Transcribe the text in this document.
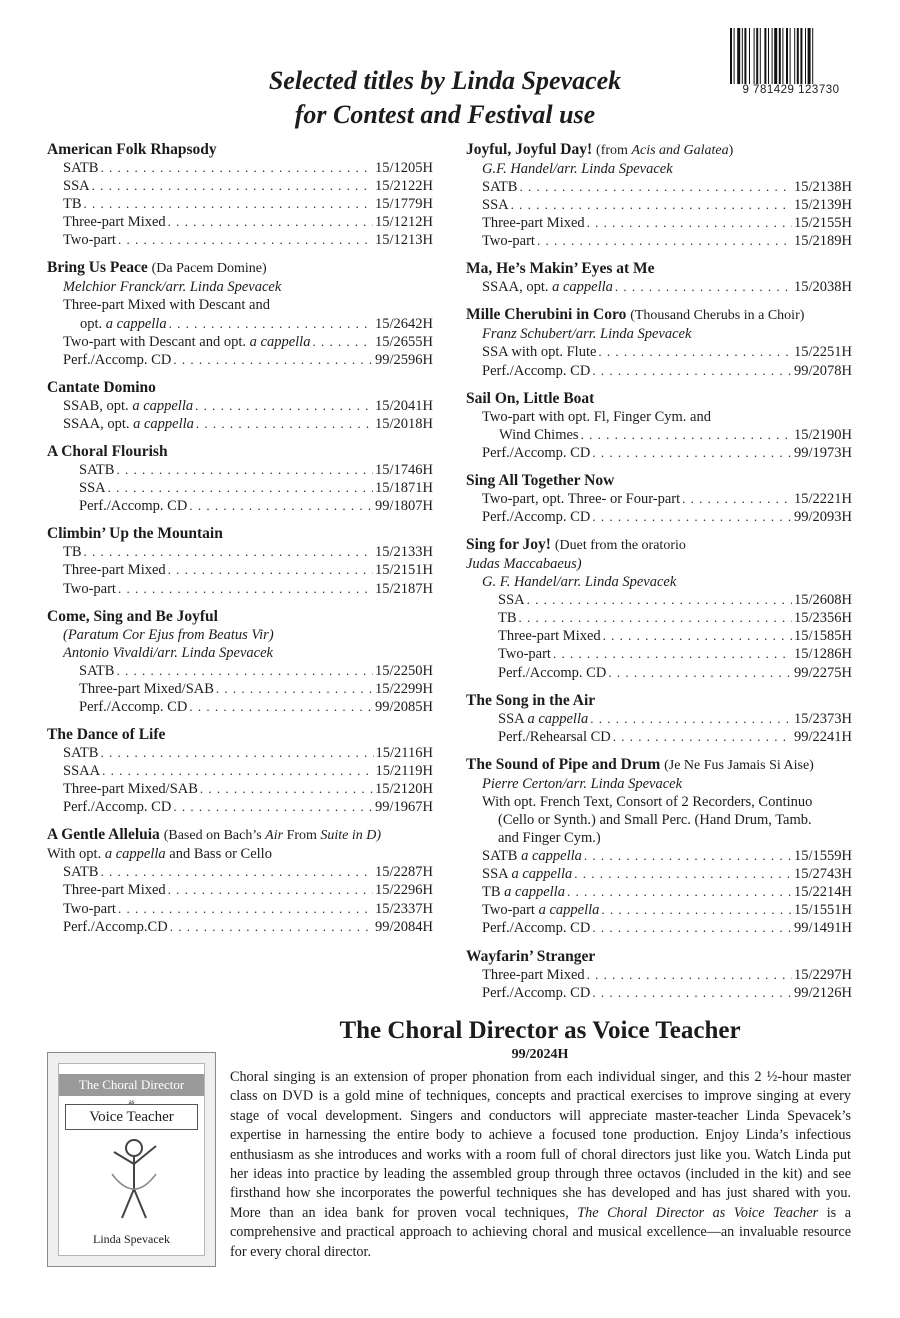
9 781429 123730
Selected titles by Linda Spevacek
for Contest and Festival use
American Folk Rhapsody
SATB . . .	15/1205H
SSA . . .	15/2122H
TB . . .	15/1779H
Three-part Mixed . . .	15/1212H
Two-part . . .	15/1213H
Bring Us Peace (Da Pacem Domine)
Melchior Franck/arr. Linda Spevacek
Three-part Mixed with Descant and
opt. a cappella . . .	15/2642H
Two-part with Descant and opt. a cappella . . .	15/2655H
Perf./Accomp. CD . . .	99/2596H
Cantate Domino
SSAB, opt. a cappella . . .	15/2041H
SSAA, opt. a cappella . . .	15/2018H
A Choral Flourish
SATB . . .	15/1746H
SSA . . .	15/1871H
Perf./Accomp. CD . . .	99/1807H
Climbin’ Up the Mountain
TB . . .	15/2133H
Three-part Mixed . . .	15/2151H
Two-part . . .	15/2187H
Come, Sing and Be Joyful
(Paratum Cor Ejus from Beatus Vir)
Antonio Vivaldi/arr. Linda Spevacek
SATB . . .	15/2250H
Three-part Mixed/SAB . . .	15/2299H
Perf./Accomp. CD . . .	99/2085H
The Dance of Life
SATB . . .	15/2116H
SSAA . . .	15/2119H
Three-part Mixed/SAB . . .	15/2120H
Perf./Accomp. CD . . .	99/1967H
A Gentle Alleluia (Based on Bach’s Air From Suite in D)
With opt. a cappella and Bass or Cello
SATB . . .	15/2287H
Three-part Mixed . . .	15/2296H
Two-part . . .	15/2337H
Perf./Accomp.CD . . .	99/2084H
Joyful, Joyful Day! (from Acis and Galatea)
G.F. Handel/arr. Linda Spevacek
SATB . . .	15/2138H
SSA . . .	15/2139H
Three-part Mixed . . .	15/2155H
Two-part . . .	15/2189H
Ma, He’s Makin’ Eyes at Me
SSAA, opt. a cappella . . .	15/2038H
Mille Cherubini in Coro (Thousand Cherubs in a Choir)
Franz Schubert/arr. Linda Spevacek
SSA with opt. Flute . . .	15/2251H
Perf./Accomp. CD . . .	99/2078H
Sail On, Little Boat
Two-part with opt. Fl, Finger Cym. and
Wind Chimes . . .	15/2190H
Perf./Accomp. CD . . .	99/1973H
Sing All Together Now
Two-part, opt. Three- or Four-part . . .	15/2221H
Perf./Accomp. CD . . .	99/2093H
Sing for Joy! (Duet from the oratorio
Judas Maccabaeus)
G. F. Handel/arr. Linda Spevacek
SSA . . .	15/2608H
TB . . .	15/2356H
Three-part Mixed . . .	15/1585H
Two-part . . .	15/1286H
Perf./Accomp. CD . . .	99/2275H
The Song in the Air
SSA a cappella . . .	15/2373H
Perf./Rehearsal CD . . .	99/2241H
The Sound of Pipe and Drum (Je Ne Fus Jamais Si Aise)
Pierre Certon/arr. Linda Spevacek
With opt. French Text, Consort of 2 Recorders, Continuo
(Cello or Synth.) and Small Perc. (Hand Drum, Tamb.
and Finger Cym.)
SATB a cappella . . .	15/1559H
SSA a cappella . . .	15/2743H
TB a cappella . . .	15/2214H
Two-part a cappella . . .	15/1551H
Perf./Accomp. CD . . .	99/1491H
Wayfarin’ Stranger
Three-part Mixed . . .	15/2297H
Perf./Accomp. CD . . .	99/2126H
The Choral Director
as
Voice Teacher
Linda Spevacek
The Choral Director as Voice Teacher
99/2024H
Choral singing is an extension of proper phonation from each individual singer, and this 2 ½-hour master class on DVD is a gold mine of techniques, concepts and practical exercises to improve singing at every stage of vocal development. Singers and conductors will appreciate master-teacher Linda Spevacek’s expertise in harnessing the entire body to achieve a focused tone production. Enjoy Linda’s infectious enthusiasm as she introduces and works with a room full of choral directors just like you. Watch Linda put her ideas into practice by leading the assembled group through three octavos (included in the kit) and see firsthand how she incorporates the powerful techniques she has developed and has just shared with you. More than an idea bank for proven vocal techniques, The Choral Director as Voice Teacher is a comprehensive and practical approach to achieving choral and musical excellence—an invaluable resource for every choral director.
